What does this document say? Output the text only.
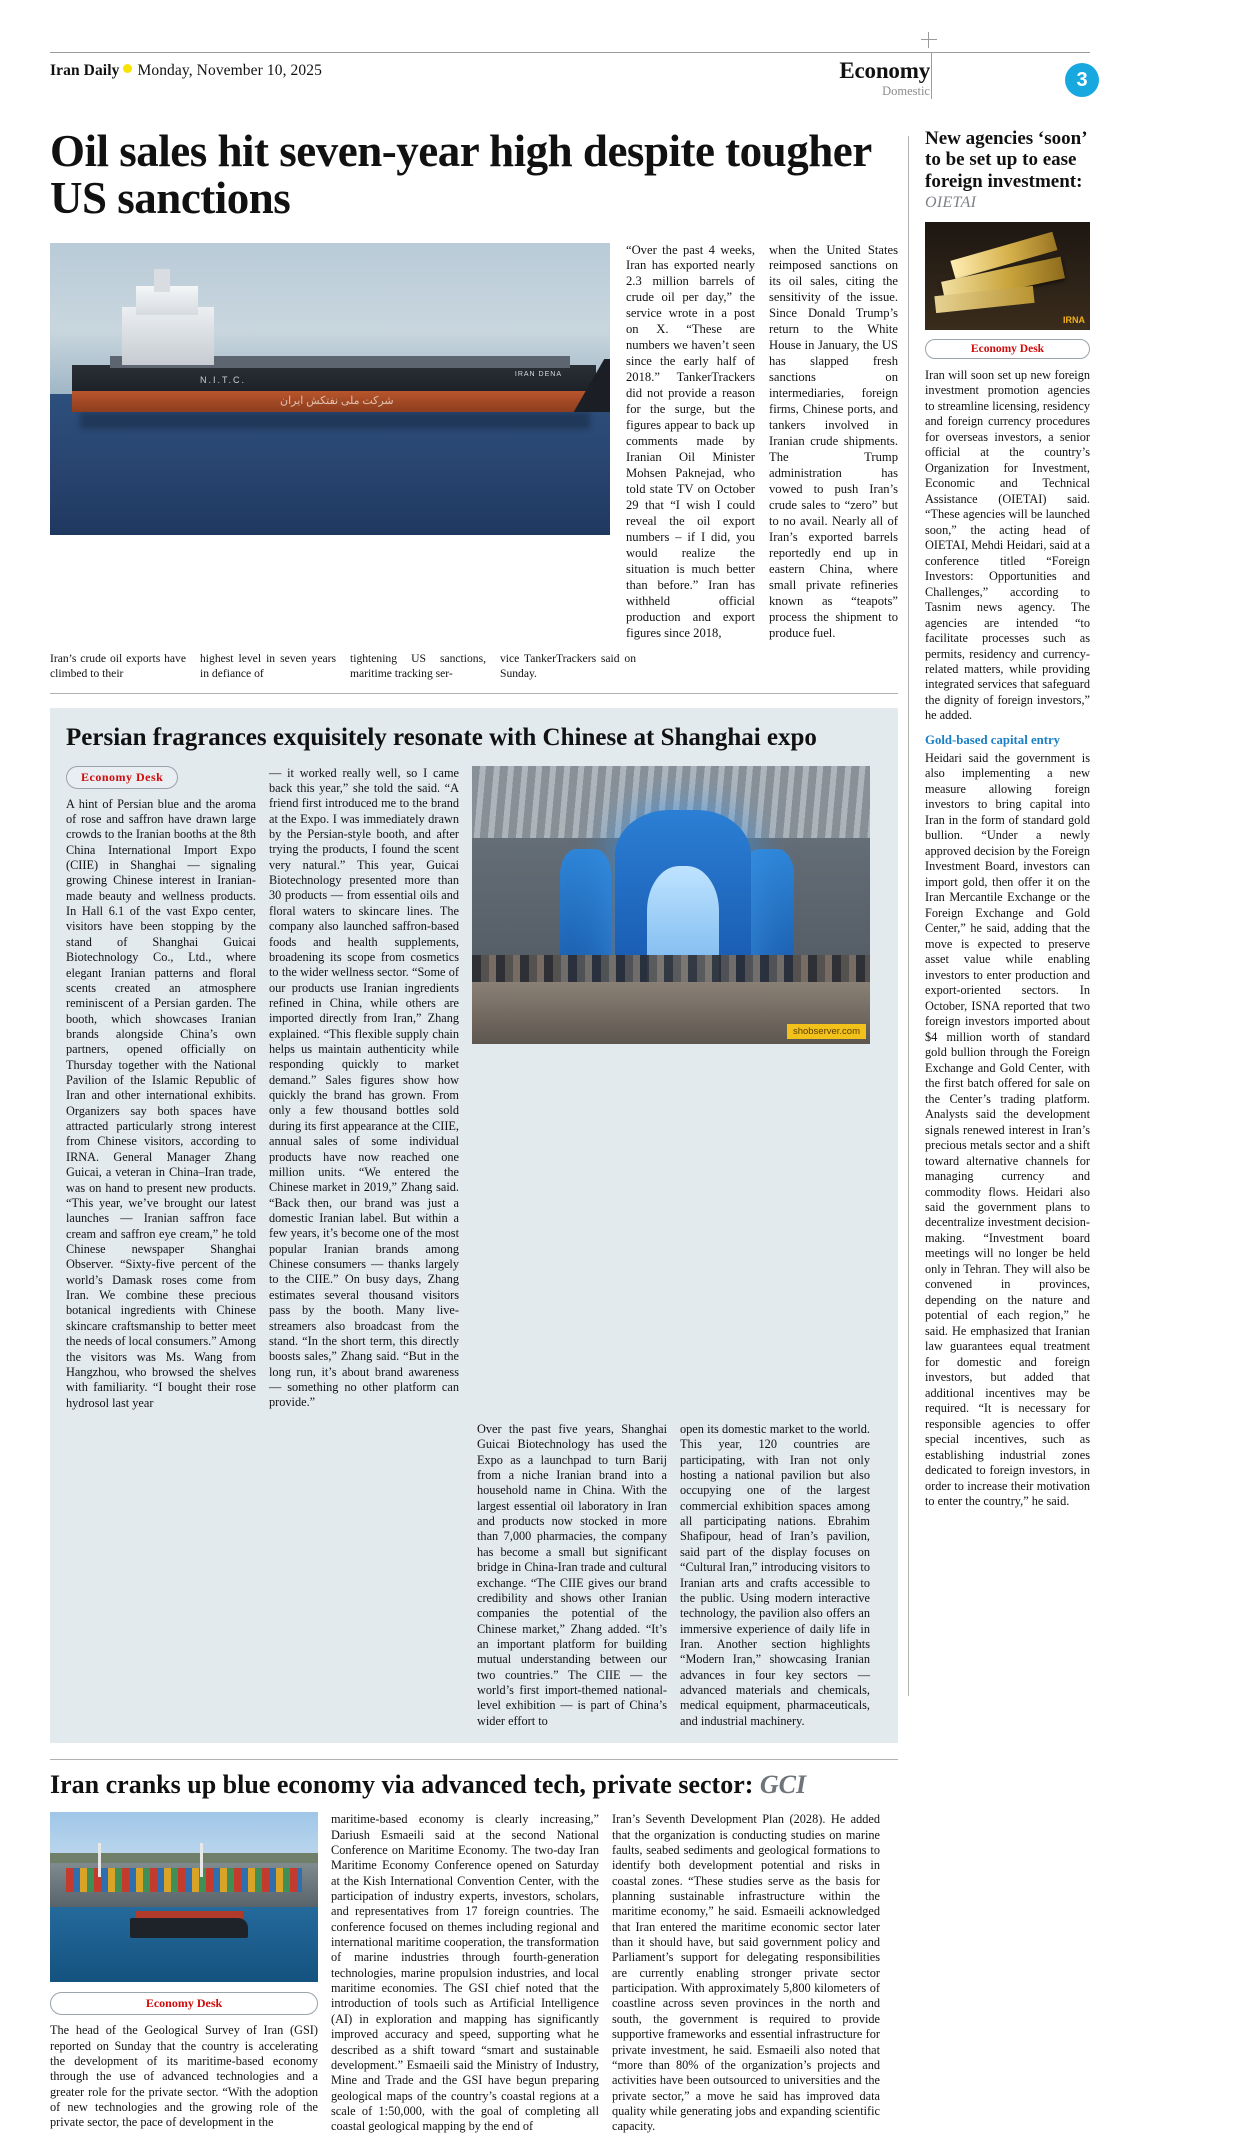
Iran Daily Monday, November 10, 2025	Economy
Domestic
3
Oil sales hit seven-year high despite tougher US sanctions
N.I.T.C.
IRAN DENA
شرکت ملی نفتکش ایران

“Over the past 4 weeks, Iran has exported nearly 2.3 million barrels of crude oil per day,” the service wrote in a post on X. “These are numbers we haven’t seen since the early half of 2018.” TankerTrackers did not provide a reason for the surge, but the figures appear to back up comments made by Iranian Oil Minister Mohsen Paknejad, who told state TV on October 29 that “I wish I could reveal the oil export numbers – if I did, you would realize the situation is much better than before.” Iran has withheld official production and export figures since 2018,

when the United States reimposed sanctions on its oil sales, citing the sensitivity of the issue. Since Donald Trump’s return to the White House in January, the US has slapped fresh sanctions on intermediaries, foreign firms, Chinese ports, and tankers involved in Iranian crude shipments. The Trump administration has vowed to push Iran’s crude sales to “zero” but to no avail. Nearly all of Iran’s exported barrels reportedly end up in eastern China, where small private refineries known as “teapots” process the shipment to produce fuel.

Iran’s crude oil exports have climbed to their
highest level in seven years in defiance of
tightening US sanctions, maritime tracking ser-
vice TankerTrackers said on Sunday.
Persian fragrances exquisitely resonate with Chinese at Shanghai expo
Economy Desk

A hint of Persian blue and the aroma of rose and saffron have drawn large crowds to the Iranian booths at the 8th China International Import Expo (CIIE) in Shanghai — signaling growing Chinese interest in Iranian-made beauty and wellness products. In Hall 6.1 of the vast Expo center, visitors have been stopping by the stand of Shanghai Guicai Biotechnology Co., Ltd., where elegant Iranian patterns and floral scents created an atmosphere reminiscent of a Persian garden. The booth, which showcases Iranian brands alongside China’s own partners, opened officially on Thursday together with the National Pavilion of the Islamic Republic of Iran and other international exhibits. Organizers say both spaces have attracted particularly strong interest from Chinese visitors, according to IRNA. General Manager Zhang Guicai, a veteran in China–Iran trade, was on hand to present new products. “This year, we’ve brought our latest launches — Iranian saffron face cream and saffron eye cream,” he told Chinese newspaper Shanghai Observer. “Sixty-five percent of the world’s Damask roses come from Iran. We combine these precious botanical ingredients with Chinese skincare craftsmanship to better meet the needs of local consumers.” Among the visitors was Ms. Wang from Hangzhou, who browsed the shelves with familiarity. “I bought their rose hydrosol last year

— it worked really well, so I came back this year,” she told the said. “A friend first introduced me to the brand at the Expo. I was immediately drawn by the Persian-style booth, and after trying the products, I found the scent very natural.” This year, Guicai Biotechnology presented more than 30 products — from essential oils and floral waters to skincare lines. The company also launched saffron-based foods and health supplements, broadening its scope from cosmetics to the wider wellness sector. “Some of our products use Iranian ingredients refined in China, while others are imported directly from Iran,” Zhang explained. “This flexible supply chain helps us maintain authenticity while responding quickly to market demand.” Sales figures show how quickly the brand has grown. From only a few thousand bottles sold during its first appearance at the CIIE, annual sales of some individual products have now reached one million units. “We entered the Chinese market in 2019,” Zhang said. “Back then, our brand was just a domestic Iranian label. But within a few years, it’s become one of the most popular Iranian brands among Chinese consumers — thanks largely to the CIIE.” On busy days, Zhang estimates several thousand visitors pass by the booth. Many live-streamers also broadcast from the stand. “In the short term, this directly boosts sales,” Zhang said. “But in the long run, it’s about brand awareness — something no other platform can provide.”

shobserver.com

Over the past five years, Shanghai Guicai Biotechnology has used the Expo as a launchpad to turn Barij from a niche Iranian brand into a household name in China. With the largest essential oil laboratory in Iran and products now stocked in more than 7,000 pharmacies, the company has become a small but significant bridge in China-Iran trade and cultural exchange. “The CIIE gives our brand credibility and shows other Iranian companies the potential of the Chinese market,” Zhang added. “It’s an important platform for building mutual understanding between our two countries.” The CIIE — the world’s first import-themed national-level exhibition — is part of China’s wider effort to

open its domestic market to the world. This year, 120 countries are participating, with Iran not only hosting a national pavilion but also occupying one of the largest commercial exhibition spaces among all participating nations. Ebrahim Shafipour, head of Iran’s pavilion, said part of the display focuses on “Cultural Iran,” introducing visitors to Iranian arts and crafts accessible to the public. Using modern interactive technology, the pavilion also offers an immersive experience of daily life in Iran. Another section highlights “Modern Iran,” showcasing Iranian advances in four key sectors — advanced materials and chemicals, medical equipment, pharmaceuticals, and industrial machinery.

Iran cranks up blue economy via advanced tech, private sector: GCI
Economy Desk

The head of the Geological Survey of Iran (GSI) reported on Sunday that the country is accelerating the development of its maritime-based economy through the use of advanced technologies and a greater role for the private sector. “With the adoption of new technologies and the growing role of the private sector, the pace of development in the

maritime-based economy is clearly increasing,” Dariush Esmaeili said at the second National Conference on Maritime Economy. The two-day Iran Maritime Economy Conference opened on Saturday at the Kish International Convention Center, with the participation of industry experts, investors, scholars, and representatives from 17 foreign countries. The conference focused on themes including regional and international maritime cooperation, the transformation of marine industries through fourth-generation technologies, marine propulsion industries, and local maritime economies. The GSI chief noted that the introduction of tools such as Artificial Intelligence (AI) in exploration and mapping has significantly improved accuracy and speed, supporting what he described as a shift toward “smart and sustainable development.” Esmaeili said the Ministry of Industry, Mine and Trade and the GSI have begun preparing geological maps of the country’s coastal regions at a scale of 1:50,000, with the goal of completing all coastal geological mapping by the end of

Iran’s Seventh Development Plan (2028). He added that the organization is conducting studies on marine faults, seabed sediments and geological formations to identify both development potential and risks in coastal zones. “These studies serve as the basis for planning sustainable infrastructure within the maritime economy,” he said. Esmaeili acknowledged that Iran entered the maritime economic sector later than it should have, but said government policy and Parliament’s support for delegating responsibilities are currently enabling stronger private sector participation. With approximately 5,800 kilometers of coastline across seven provinces in the north and south, the government is required to provide supportive frameworks and essential infrastructure for private investment, he said. Esmaeili also noted that “more than 80% of the organization’s projects and activities have been outsourced to universities and the private sector,” a move he said has improved data quality while generating jobs and expanding scientific capacity.

New agencies ‘soon’ to be set up to ease foreign investment:
OIETAI
IRNA
Economy Desk

Iran will soon set up new foreign investment promotion agencies to streamline licensing, residency and foreign currency procedures for overseas investors, a senior official at the country’s Organization for Investment, Economic and Technical Assistance (OIETAI) said. “These agencies will be launched soon,” the acting head of OIETAI, Mehdi Heidari, said at a conference titled “Foreign Investors: Opportunities and Challenges,” according to Tasnim news agency. The agencies are intended “to facilitate processes such as permits, residency and currency-related matters, while providing integrated services that safeguard the dignity of foreign investors,” he added.

Gold-based capital entry

Heidari said the government is also implementing a new measure allowing foreign investors to bring capital into Iran in the form of standard gold bullion. “Under a newly approved decision by the Foreign Investment Board, investors can import gold, then offer it on the Iran Mercantile Exchange or the Foreign Exchange and Gold Center,” he said, adding that the move is expected to preserve asset value while enabling investors to enter production and export-oriented sectors. In October, ISNA reported that two foreign investors imported about $4 million worth of standard gold bullion through the Foreign Exchange and Gold Center, with the first batch offered for sale on the Center’s trading platform. Analysts said the development signals renewed interest in Iran’s precious metals sector and a shift toward alternative channels for managing currency and commodity flows. Heidari also said the government plans to decentralize investment decision-making. “Investment board meetings will no longer be held only in Tehran. They will also be convened in provinces, depending on the nature and potential of each region,” he said. He emphasized that Iranian law guarantees equal treatment for domestic and foreign investors, but added that additional incentives may be required. “It is necessary for responsible agencies to offer special incentives, such as establishing industrial zones dedicated to foreign investors, in order to increase their motivation to enter the country,” he said.
